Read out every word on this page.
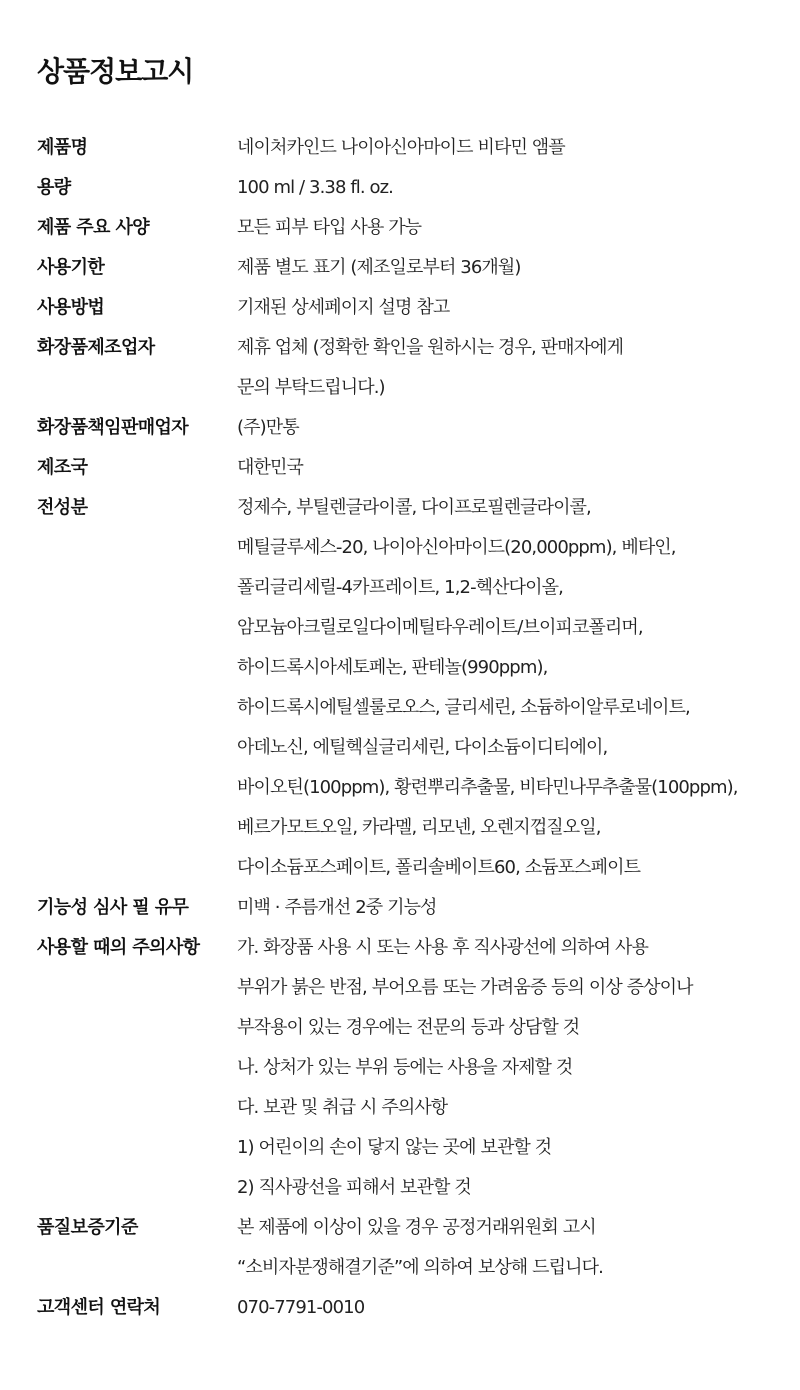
상품정보고시
제품명	네이처카인드 나이아신아마이드 비타민 앰플
용량	100 ml / 3.38 fl. oz.
제품 주요 사양	모든 피부 타입 사용 가능
사용기한	제품 별도 표기 (제조일로부터 36개월)
사용방법	기재된 상세페이지 설명 참고
화장품제조업자	제휴 업체 (정확한 확인을 원하시는 경우, 판매자에게
문의 부탁드립니다.)
화장품책임판매업자	(주)만통
제조국	대한민국
전성분	정제수, 부틸렌글라이콜, 다이프로필렌글라이콜,
메틸글루세스-20, 나이아신아마이드(20,000ppm), 베타인,
폴리글리세릴-4카프레이트, 1,2-헥산다이올,
암모늄아크릴로일다이메틸타우레이트/브이피코폴리머,
하이드록시아세토페논, 판테놀(990ppm),
하이드록시에틸셀룰로오스, 글리세린, 소듐하이알루로네이트,
아데노신, 에틸헥실글리세린, 다이소듐이디티에이,
바이오틴(100ppm), 황련뿌리추출물, 비타민나무추출물(100ppm),
베르가모트오일, 카라멜, 리모넨, 오렌지껍질오일,
다이소듐포스페이트, 폴리솔베이트60, 소듐포스페이트
기능성 심사 필 유무	미백 · 주름개선 2중 기능성
사용할 때의 주의사항	가. 화장품 사용 시 또는 사용 후 직사광선에 의하여 사용
부위가 붉은 반점, 부어오름 또는 가려움증 등의 이상 증상이나
부작용이 있는 경우에는 전문의 등과 상담할 것
나. 상처가 있는 부위 등에는 사용을 자제할 것
다. 보관 및 취급 시 주의사항
1) 어린이의 손이 닿지 않는 곳에 보관할 것
2) 직사광선을 피해서 보관할 것
품질보증기준	본 제품에 이상이 있을 경우 공정거래위원회 고시
“소비자분쟁해결기준”에 의하여 보상해 드립니다.
고객센터 연락처	070-7791-0010
